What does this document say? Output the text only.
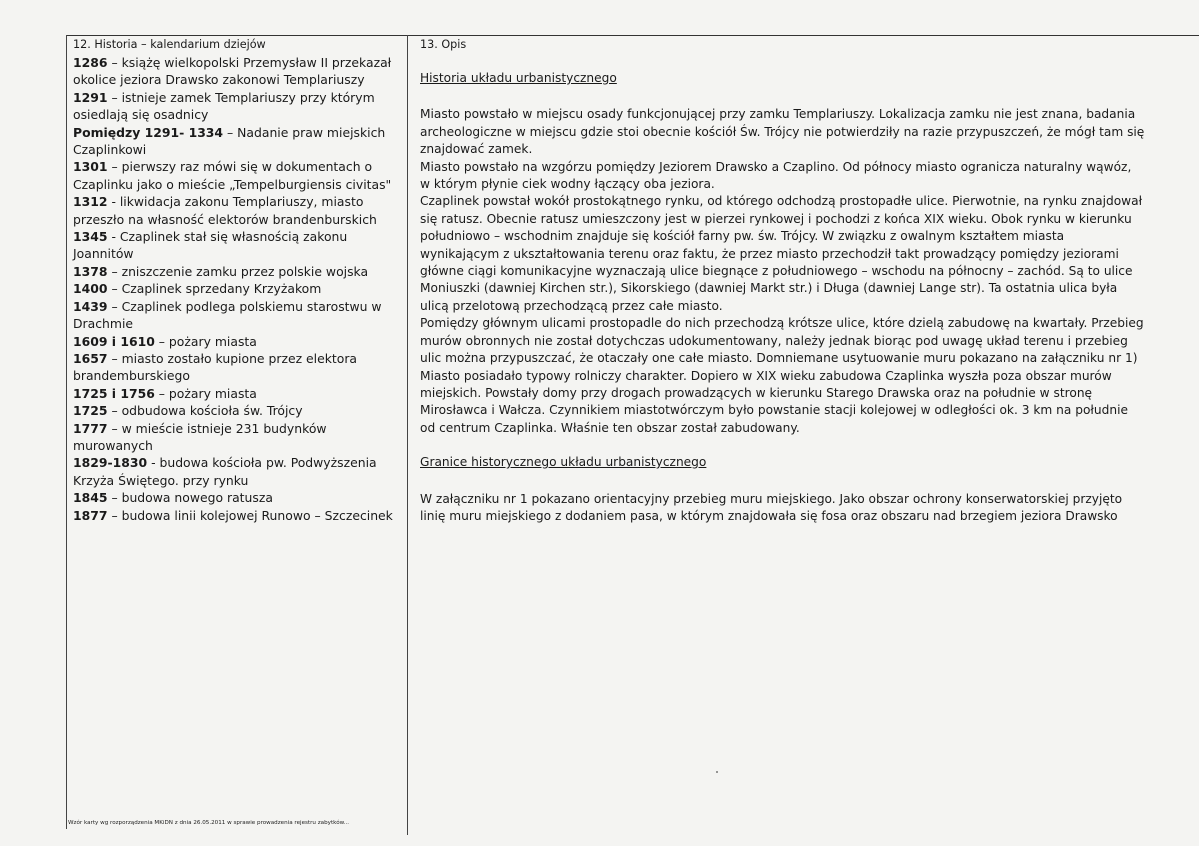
12. Historia – kalendarium dziejów
1286 – książę wielkopolski Przemysław II przekazał okolice jeziora Drawsko zakonowi Templariuszy
1291 – istnieje zamek Templariuszy przy którym osiedlają się osadnicy
Pomiędzy 1291- 1334 – Nadanie praw miejskich Czaplinkowi
1301 – pierwszy raz mówi się w dokumentach o Czaplinku jako o mieście „Tempelburgiensis civitas"
1312 - likwidacja zakonu Templariuszy, miasto przeszło na własność elektorów brandenburskich
1345 - Czaplinek stał się własnością zakonu Joannitów
1378 – zniszczenie zamku przez polskie wojska
1400 – Czaplinek sprzedany Krzyżakom
1439 – Czaplinek podlega polskiemu starostwu w Drachmie
1609 i 1610 – pożary miasta
1657 – miasto zostało kupione przez elektora brandemburskiego
1725 i 1756 – pożary miasta
1725 – odbudowa kościoła św. Trójcy
1777 – w mieście istnieje 231 budynków murowanych
1829-1830 - budowa kościoła pw. Podwyższenia Krzyża Świętego. przy rynku
1845 – budowa nowego ratusza
1877 – budowa linii kolejowej Runowo – Szczecinek
13. Opis
Historia układu urbanistycznego

Miasto powstało w miejscu osady funkcjonującej przy zamku Templariuszy. Lokalizacja zamku nie jest znana, badania archeologiczne w miejscu gdzie stoi obecnie kościół Św. Trójcy nie potwierdziły na razie przypuszczeń, że mógł tam się znajdować zamek.

Miasto powstało na wzgórzu pomiędzy Jeziorem Drawsko a Czaplino. Od północy miasto ogranicza naturalny wąwóz, w którym płynie ciek wodny łączący oba jeziora.

Czaplinek powstał wokół prostokątnego rynku, od którego odchodzą prostopadłe ulice. Pierwotnie, na rynku znajdował się ratusz. Obecnie ratusz umieszczony jest w pierzei rynkowej i pochodzi z końca XIX wieku. Obok rynku w kierunku południowo – wschodnim znajduje się kościół farny pw. św. Trójcy. W związku z owalnym kształtem miasta wynikającym z ukształtowania terenu oraz faktu, że przez miasto przechodził takt prowadzący pomiędzy jeziorami główne ciągi komunikacyjne wyznaczają ulice biegnące z południowego – wschodu na północny – zachód. Są to ulice Moniuszki (dawniej Kirchen str.), Sikorskiego (dawniej Markt str.) i Długa (dawniej Lange str). Ta ostatnia ulica była ulicą przelotową przechodzącą przez całe miasto.

Pomiędzy głównym ulicami prostopadle do nich przechodzą krótsze ulice, które dzielą zabudowę na kwartały. Przebieg murów obronnych nie został dotychczas udokumentowany, należy jednak biorąc pod uwagę układ terenu i przebieg ulic można przypuszczać, że otaczały one całe miasto. Domniemane usytuowanie muru pokazano na załączniku nr 1)

Miasto posiadało typowy rolniczy charakter. Dopiero w XIX wieku zabudowa Czaplinka wyszła poza obszar murów miejskich. Powstały domy przy drogach prowadzących w kierunku Starego Drawska oraz na południe w stronę Mirosławca i Wałcza. Czynnikiem miastotwórczym było powstanie stacji kolejowej w odległości ok. 3 km na południe od centrum Czaplinka. Właśnie ten obszar został zabudowany.

Granice historycznego układu urbanistycznego

W załączniku nr 1 pokazano orientacyjny przebieg muru miejskiego. Jako obszar ochrony konserwatorskiej przyjęto linię muru miejskiego z dodaniem pasa, w którym znajdowała się fosa oraz obszaru nad brzegiem jeziora Drawsko

Wzór karty wg rozporządzenia MKiDN z dnia 26.05.2011 w sprawie prowadzenia rejestru zabytków...
